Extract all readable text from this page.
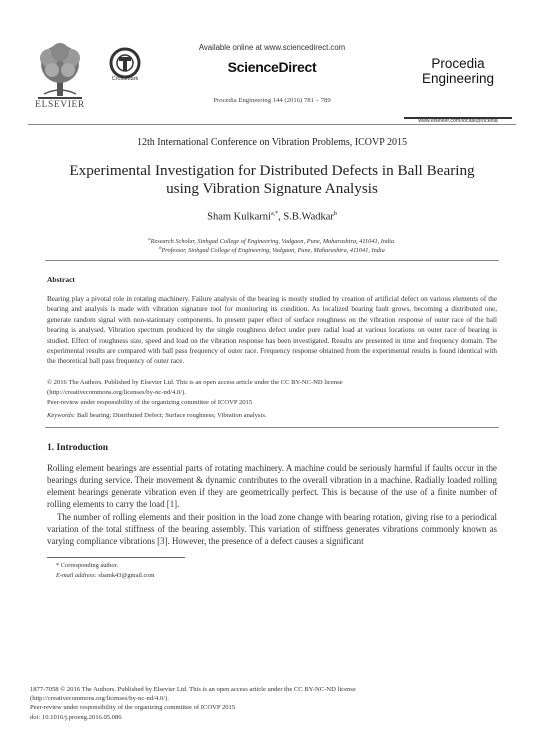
ELSEVIER
CrossMark
Available online at www.sciencedirect.com
ScienceDirect
Procedia Engineering 144 (2016) 781 – 789
Procedia
Engineering
www.elsevier.com/locate/procedia
12th International Conference on Vibration Problems, ICOVP 2015
Experimental Investigation for Distributed Defects in Ball Bearing
using Vibration Signature Analysis
Sham Kulkarni$^{a,*}$, S.B.Wadkar$^b$
$^a$Research Scholar, Sinhgad College of Engineering, Vadgaon, Pune, Maharashtra, 411041, India.
$^b$Professor, Sinhgad College of Engineering, Vadgaon, Pune, Maharashtra, 411041, India
Abstract
Bearing play a pivotal role in rotating machinery. Failure analysis of the bearing is mostly studied by creation of artificial defect on various elements of the bearing and analysis is made with vibration signature tool for monitoring its condition. As localized bearing fault grows, becoming a distributed one, generate random signal with non-stationary components. In present paper effect of surface roughness on the vibration response of outer race of the ball bearing is analysed. Vibration spectrum produced by the single roughness defect under pure radial load at various locations on outer race of bearing is studied. Effect of roughness size, speed and load on the vibration response has been investigated. Results are presented in time and frequency domain. The experimental results are compared with ball pass frequency of outer race. Frequency response obtained from the experimental results is found identical with the theoretical ball pass frequency of outer race.
© 2016 The Authors. Published by Elsevier Ltd. This is an open access article under the CC BY-NC-ND license
(http://creativecommons.org/licenses/by-nc-nd/4.0/).
Peer-review under responsibility of the organizing committee of ICOVP 2015
Keywords: Ball bearing; Distributed Defect; Surface roughness; Vibration analysis.
1. Introduction
Rolling element bearings are essential parts of rotating machinery. A machine could be seriously harmful if faults occur in the bearings during service. Their movement & dynamic contributes to the overall vibration in a machine. Radially loaded rolling element bearings generate vibration even if they are geometrically perfect. This is because of the use of a finite number of rolling elements to carry the load [1].
The number of rolling elements and their position in the load zone change with bearing rotation, giving rise to a periodical variation of the total stiffness of the bearing assembly. This variation of stiffness generates vibrations commonly known as varying compliance vibrations [3]. However, the presence of a defect causes a significant
* Corresponding author.
E-mail address: shamk43@gmail.com
1877-7058 © 2016 The Authors. Published by Elsevier Ltd. This is an open access article under the CC BY-NC-ND license
(http://creativecommons.org/licenses/by-nc-nd/4.0/).
Peer-review under responsibility of the organizing committee of ICOVP 2015
doi: 10.1016/j.proeng.2016.05.086
